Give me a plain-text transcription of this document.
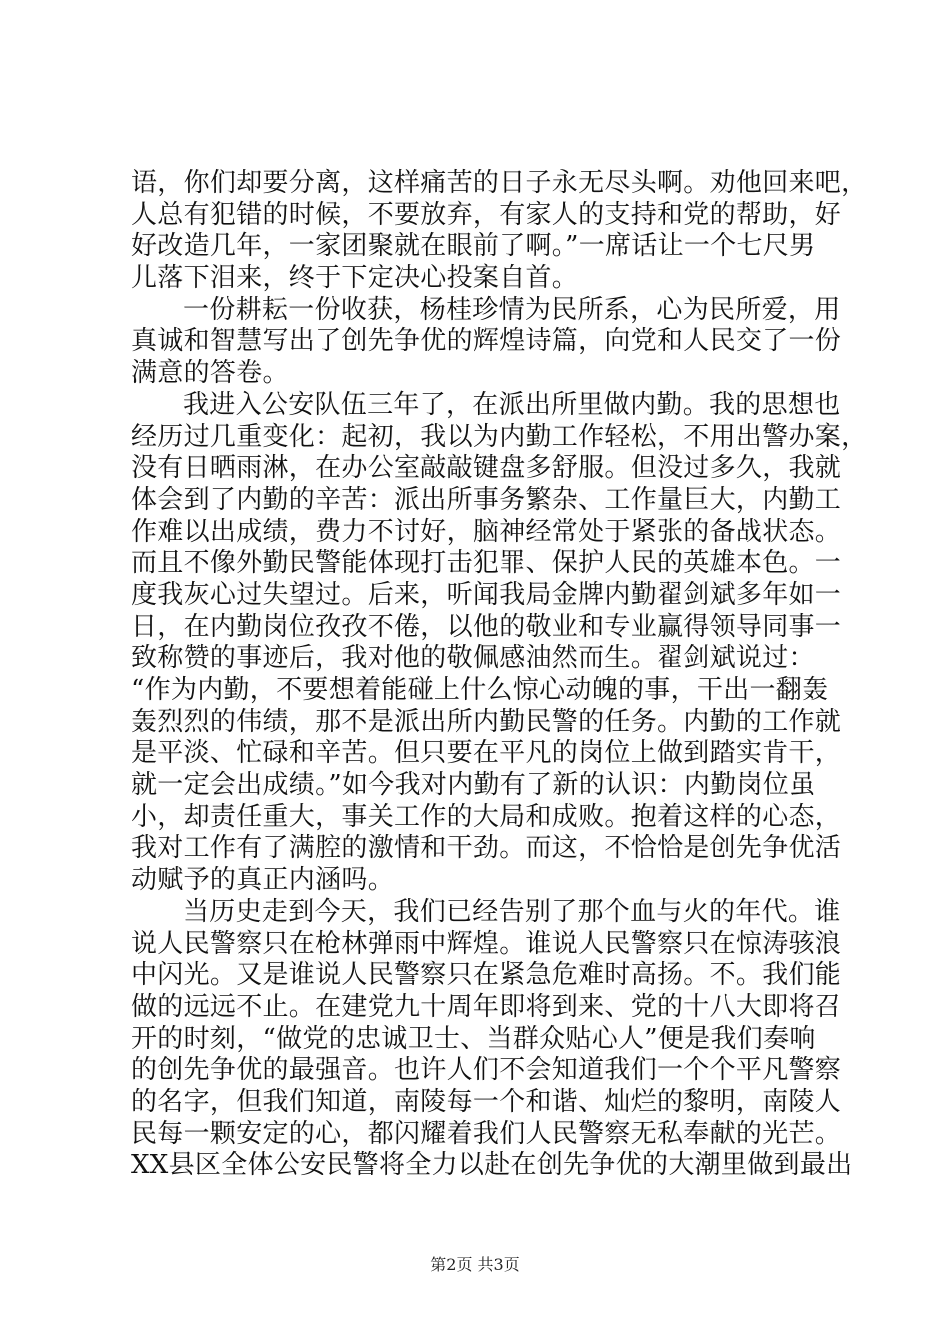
语，你们却要分离，这样痛苦的日子永无尽头啊。劝他回来吧，
人总有犯错的时候，不要放弃，有家人的支持和党的帮助，好
好改造几年，一家团聚就在眼前了啊。”一席话让一个七尺男
儿落下泪来，终于下定决心投案自首。
一份耕耘一份收获，杨桂珍情为民所系，心为民所爱，用
真诚和智慧写出了创先争优的辉煌诗篇，向党和人民交了一份
满意的答卷。
我进入公安队伍三年了，在派出所里做内勤。我的思想也
经历过几重变化：起初，我以为内勤工作轻松，不用出警办案，
没有日晒雨淋，在办公室敲敲键盘多舒服。但没过多久，我就
体会到了内勤的辛苦：派出所事务繁杂、工作量巨大，内勤工
作难以出成绩，费力不讨好，脑神经常处于紧张的备战状态。
而且不像外勤民警能体现打击犯罪、保护人民的英雄本色。一
度我灰心过失望过。后来，听闻我局金牌内勤翟剑斌多年如一
日，在内勤岗位孜孜不倦，以他的敬业和专业赢得领导同事一
致称赞的事迹后，我对他的敬佩感油然而生。翟剑斌说过：
“作为内勤，不要想着能碰上什么惊心动魄的事，干出一翻轰
轰烈烈的伟绩，那不是派出所内勤民警的任务。内勤的工作就
是平淡、忙碌和辛苦。但只要在平凡的岗位上做到踏实肯干，
就一定会出成绩。”如今我对内勤有了新的认识：内勤岗位虽
小，却责任重大，事关工作的大局和成败。抱着这样的心态，
我对工作有了满腔的激情和干劲。而这，不恰恰是创先争优活
动赋予的真正内涵吗。
当历史走到今天，我们已经告别了那个血与火的年代。谁
说人民警察只在枪林弹雨中辉煌。谁说人民警察只在惊涛骇浪
中闪光。又是谁说人民警察只在紧急危难时高扬。不。我们能
做的远远不止。在建党九十周年即将到来、党的十八大即将召
开的时刻，“做党的忠诚卫士、当群众贴心人”便是我们奏响
的创先争优的最强音。也许人们不会知道我们一个个平凡警察
的名字，但我们知道，南陵每一个和谐、灿烂的黎明，南陵人
民每一颗安定的心，都闪耀着我们人民警察无私奉献的光芒。
XX县区全体公安民警将全力以赴在创先争优的大潮里做到最出
第2页 共3页
